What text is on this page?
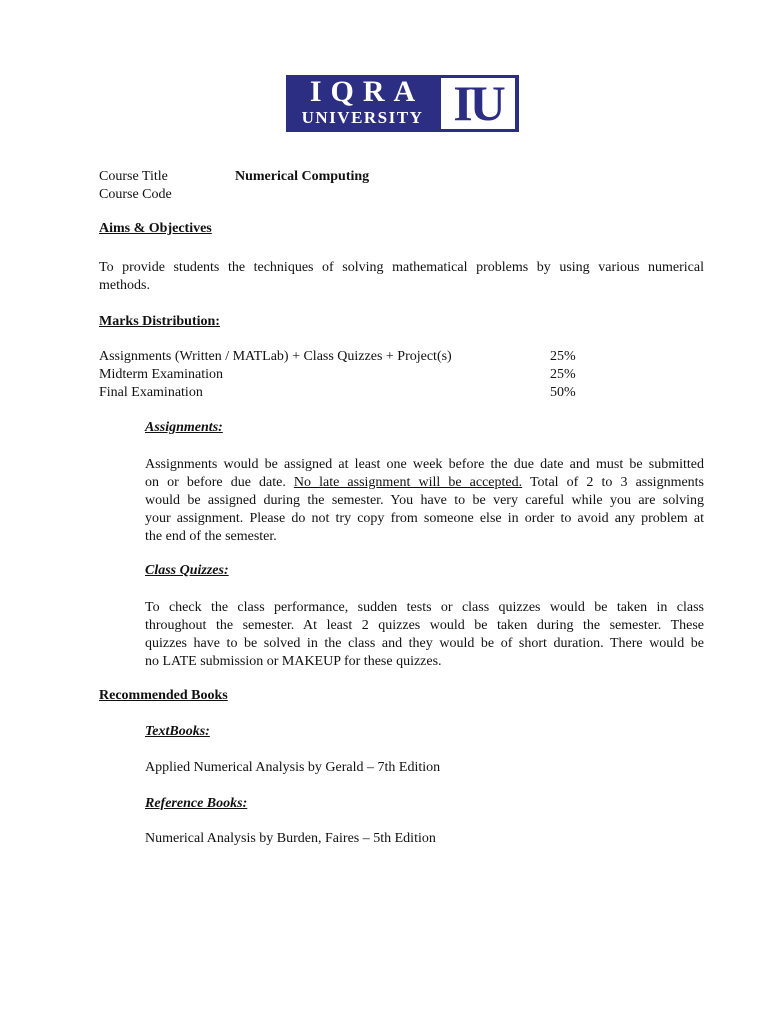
IQRA
UNIVERSITY IU
Course Title	Numerical Computing
Course Code
Aims & Objectives
To provide students the techniques of solving mathematical problems by using various numerical
methods.
Marks Distribution:
Assignments (Written / MATLab) + Class Quizzes + Project(s)	25%
Midterm Examination	25%
Final Examination	50%
Assignments:
Assignments would be assigned at least one week before the due date and must be submitted
on or before due date. No late assignment will be accepted. Total of 2 to 3 assignments
would be assigned during the semester. You have to be very careful while you are solving
your assignment. Please do not try copy from someone else in order to avoid any problem at
the end of the semester.
Class Quizzes:
To check the class performance, sudden tests or class quizzes would be taken in class
throughout the semester. At least 2 quizzes would be taken during the semester. These
quizzes have to be solved in the class and they would be of short duration. There would be
no LATE submission or MAKEUP for these quizzes.
Recommended Books
TextBooks:
Applied Numerical Analysis by Gerald – 7th Edition
Reference Books:
Numerical Analysis by Burden, Faires – 5th Edition
